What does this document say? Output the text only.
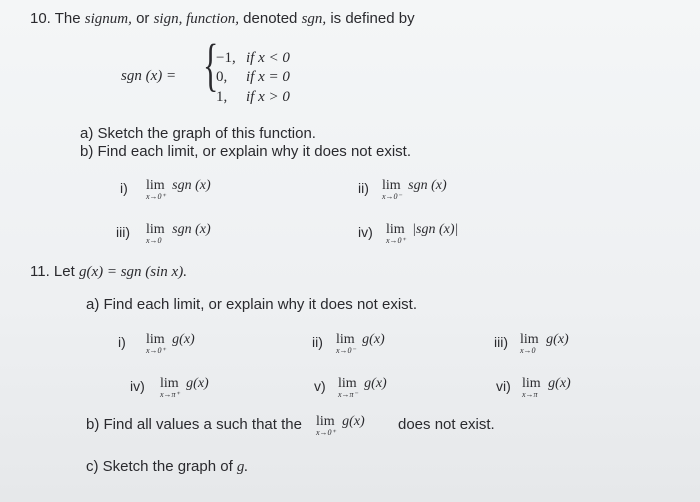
10. The signum, or sign, function, denoted sgn, is defined by
sgn (x) = {
−1, if x < 0
0, if x = 0
1, if x > 0
a) Sketch the graph of this function.
b) Find each limit, or explain why it does not exist.
i) lim
x→0⁺
sgn (x)	ii) lim
x→0⁻
sgn (x)
iii) lim
x→0
sgn (x)	iv) lim
x→0⁺
|sgn (x)|
11. Let g(x) = sgn (sin x).
a) Find each limit, or explain why it does not exist.
i) lim
x→0⁺
g(x)	ii) lim
x→0⁻
g(x)	iii) lim
x→0
g(x)
iv) lim
x→π⁺
g(x)	v) lim
x→π⁻
g(x)	vi) lim
x→π
g(x)
b) Find all values a such that the lim
x→0⁺
g(x) does not exist.
c) Sketch the graph of g.
